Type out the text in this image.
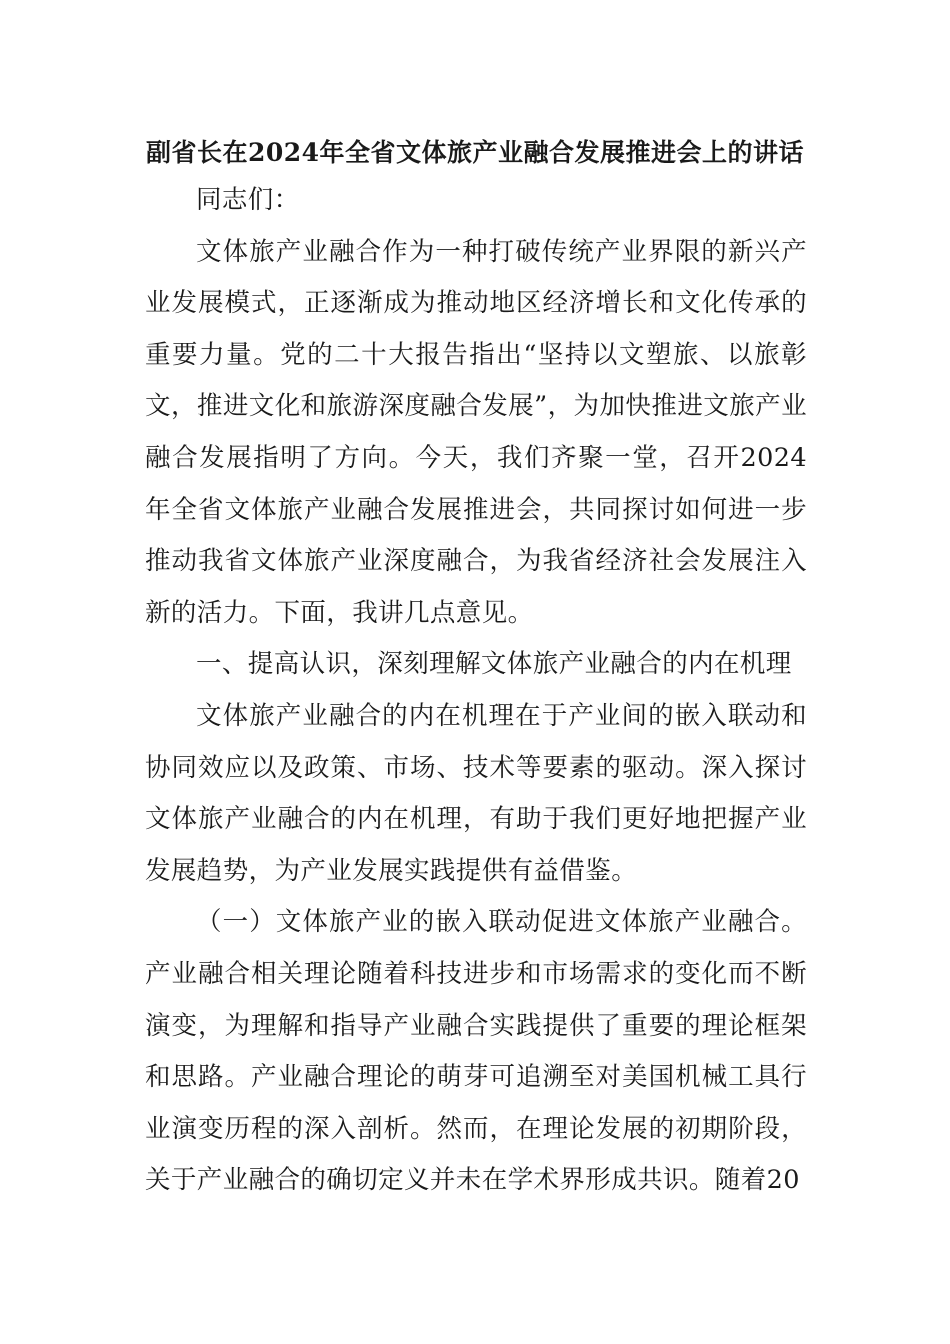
副省长在2024年全省文体旅产业融合发展推进会上的讲话

同志们：

文体旅产业融合作为一种打破传统产业界限的新兴产业发展模式，正逐渐成为推动地区经济增长和文化传承的重要力量。党的二十大报告指出“坚持以文塑旅、以旅彰文，推进文化和旅游深度融合发展”，为加快推进文旅产业融合发展指明了方向。今天，我们齐聚一堂，召开2024年全省文体旅产业融合发展推进会，共同探讨如何进一步推动我省文体旅产业深度融合，为我省经济社会发展注入新的活力。下面，我讲几点意见。

一、提高认识，深刻理解文体旅产业融合的内在机理

文体旅产业融合的内在机理在于产业间的嵌入联动和协同效应以及政策、市场、技术等要素的驱动。深入探讨文体旅产业融合的内在机理，有助于我们更好地把握产业发展趋势，为产业发展实践提供有益借鉴。

（一）文体旅产业的嵌入联动促进文体旅产业融合。产业融合相关理论随着科技进步和市场需求的变化而不断演变，为理解和指导产业融合实践提供了重要的理论框架和思路。产业融合理论的萌芽可追溯至对美国机械工具行业演变历程的深入剖析。然而，在理论发展的初期阶段，关于产业融合的确切定义并未在学术界形成共识。随着20
